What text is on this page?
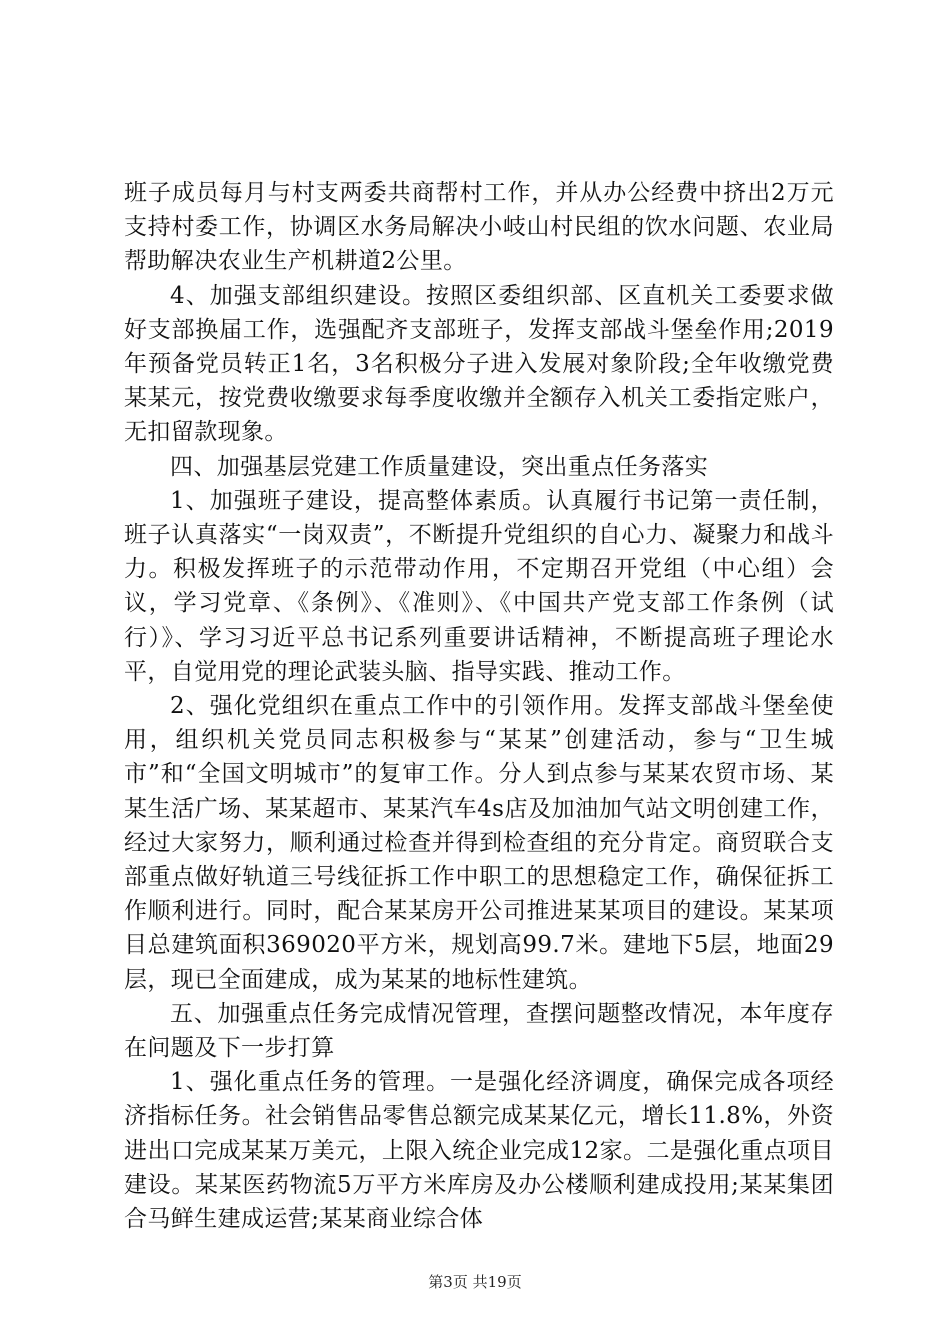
班子成员每月与村支两委共商帮村工作，并从办公经费中挤出2万元支持村委工作，协调区水务局解决小岐山村民组的饮水问题、农业局帮助解决农业生产机耕道2公里。

4、加强支部组织建设。按照区委组织部、区直机关工委要求做好支部换届工作，选强配齐支部班子，发挥支部战斗堡垒作用;2019年预备党员转正1名，3名积极分子进入发展对象阶段;全年收缴党费某某元，按党费收缴要求每季度收缴并全额存入机关工委指定账户，无扣留款现象。

四、加强基层党建工作质量建设，突出重点任务落实

1、加强班子建设，提高整体素质。认真履行书记第一责任制，班子认真落实“一岗双责”，不断提升党组织的自心力、凝聚力和战斗力。积极发挥班子的示范带动作用，不定期召开党组（中心组）会议，学习党章、《条例》、《准则》、《中国共产党支部工作条例（试行）》、学习习近平总书记系列重要讲话精神，不断提高班子理论水平，自觉用党的理论武装头脑、指导实践、推动工作。

2、强化党组织在重点工作中的引领作用。发挥支部战斗堡垒使用，组织机关党员同志积极参与“某某”创建活动，参与“卫生城市”和“全国文明城市”的复审工作。分人到点参与某某农贸市场、某某生活广场、某某超市、某某汽车4s店及加油加气站文明创建工作，经过大家努力，顺利通过检查并得到检查组的充分肯定。商贸联合支部重点做好轨道三号线征拆工作中职工的思想稳定工作，确保征拆工作顺利进行。同时，配合某某房开公司推进某某项目的建设。某某项目总建筑面积369020平方米，规划高99.7米。建地下5层，地面29层，现已全面建成，成为某某的地标性建筑。

五、加强重点任务完成情况管理，查摆问题整改情况，本年度存在问题及下一步打算

1、强化重点任务的管理。一是强化经济调度，确保完成各项经济指标任务。社会销售品零售总额完成某某亿元，增长11.8%，外资进出口完成某某万美元，上限入统企业完成12家。二是强化重点项目建设。某某医药物流5万平方米库房及办公楼顺利建成投用;某某集团合马鲜生建成运营;某某商业综合体

第3页 共19页
